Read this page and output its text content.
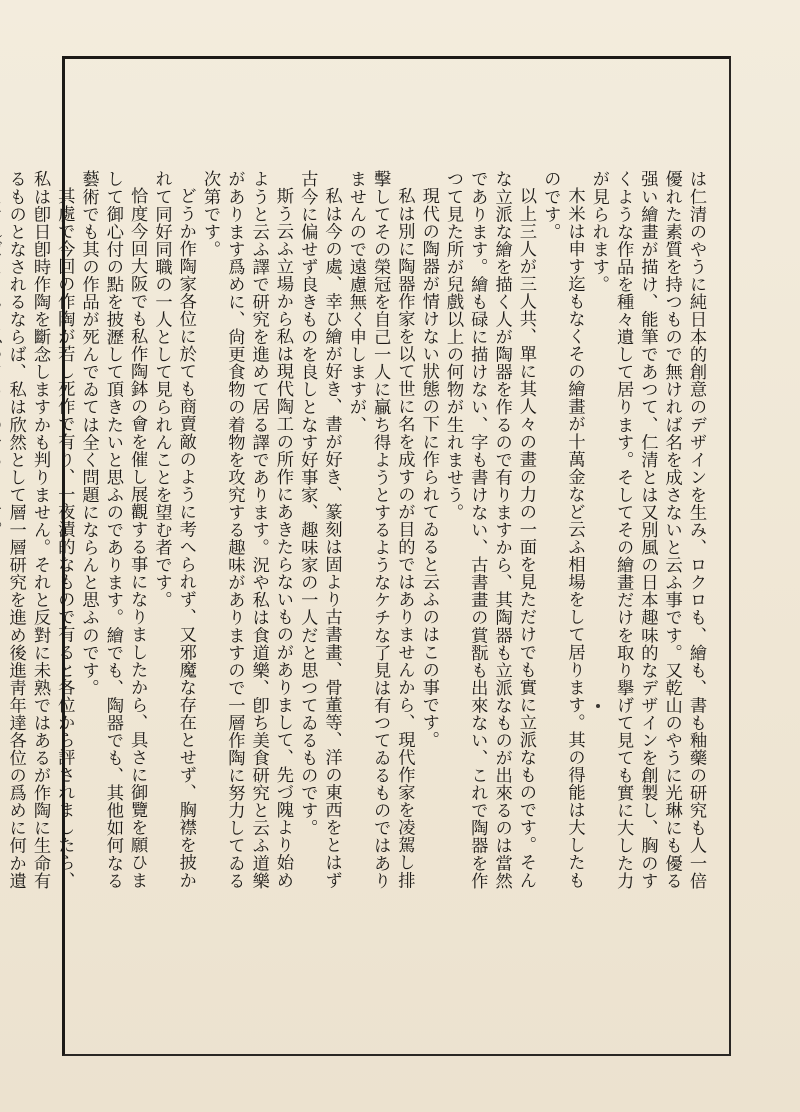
は仁清のやうに純日本的創意のデザインを生み、ロクロも、繪も、書も釉藥の研究も人一倍優れた素質を持つもので無ければ名を成さないと云ふ事です。又乾山のやうに光琳にも優る强い繪畫が描け、能筆であつて、仁清とは又別風の日本趣味的なデザインを創製し、胸のすくような作品を種々遺して居ります。そしてその繪畫だけを取り擧げて見ても實に大した力が見られます。

木米は申す迄もなくその繪畫が十萬金など云ふ相場をして居ります。其の得能は大したものです。

以上三人が三人共、單に其人々の畫の力の一面を見ただけでも實に立派なものです。そんな立派な繪を描く人が陶器を作るので有りますから、其陶器も立派なものが出來るのは當然であります。繪も碌に描けない、字も書けない、古書畫の賞翫も出來ない、これで陶器を作つて見た所が兒戲以上の何物が生れませう。

現代の陶器が情けない狀態の下に作られてゐると云ふのはこの事です。

私は別に陶器作家を以て世に名を成すのが目的ではありませんから、現代作家を凌駕し排擊してその榮冠を自己一人に贏ち得ようとするようなケチな了見は有つてゐるものではありませんので遠慮無く申しますが、

私は今の處、幸ひ繪が好き、書が好き、篆刻は固より古書畫、骨董等、洋の東西をとはず古今に偏せず良きものを良しとなす好事家、趣味家の一人だと思つてゐるものです。

斯う云ふ立場から私は現代陶工の所作にあきたらないものがありまして、先づ隗より始めようと云ふ譯で研究を進めて居る譯であります。況や私は食道樂、卽ち美食研究と云ふ道樂があります爲めに、尙更食物の着物を攻究する趣味がありますので一層作陶に努力してゐる次第です。

どうか作陶家各位に於ても商賣敵のように考へられず、又邪魔な存在とせず、胸襟を披かれて同好同職の一人として見られんことを望む者です。

恰度今回大阪でも私作陶鉢の會を催し展觀する事になりましたから、具さに御覽を願ひまして御心付の點を披瀝して頂きたいと思ふのであります。繪でも、陶器でも、其他如何なる藝術でも其の作品が死んでゐては全く問題にならんと思ふのです。

其處で今回の作陶が若し死作で有り、一夜漬的なもので有ると各位から評されましたら、私は卽日卽時作陶を斷念しますかも判りません。それと反對に未熟ではあるが作陶に生命有るものとなされるならば、私は欣然として層一層研究を進め後進靑年達各位の爲めに何か遺
